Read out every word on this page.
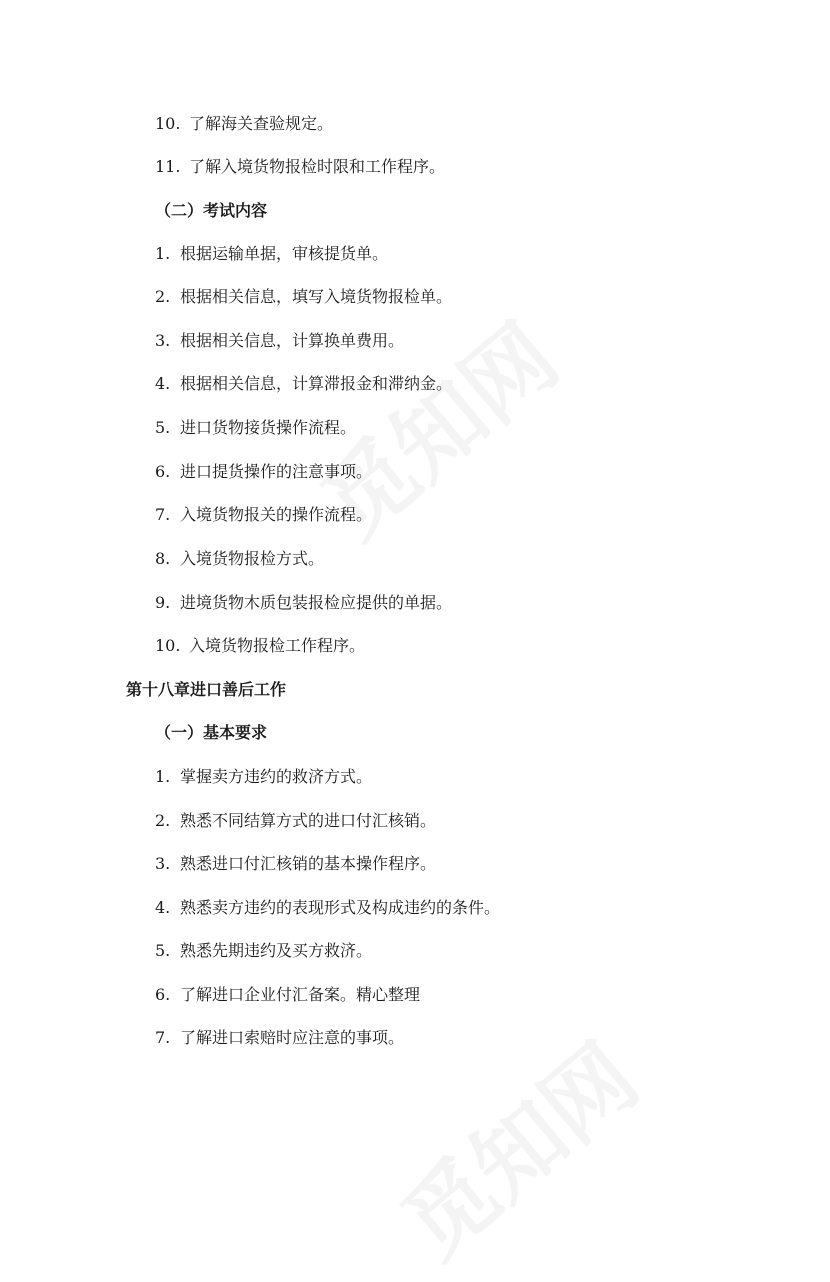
10. 了解海关查验规定。
11. 了解入境货物报检时限和工作程序。
（二）考试内容
1. 根据运输单据，审核提货单。
2. 根据相关信息，填写入境货物报检单。
3. 根据相关信息，计算换单费用。
4. 根据相关信息，计算滞报金和滞纳金。
5. 进口货物接货操作流程。
6. 进口提货操作的注意事项。
7. 入境货物报关的操作流程。
8. 入境货物报检方式。
9. 进境货物木质包装报检应提供的单据。
10. 入境货物报检工作程序。
第十八章进口善后工作
（一）基本要求
1. 掌握卖方违约的救济方式。
2. 熟悉不同结算方式的进口付汇核销。
3. 熟悉进口付汇核销的基本操作程序。
4. 熟悉卖方违约的表现形式及构成违约的条件。
5. 熟悉先期违约及买方救济。
6. 了解进口企业付汇备案。精心整理
7. 了解进口索赔时应注意的事项。
